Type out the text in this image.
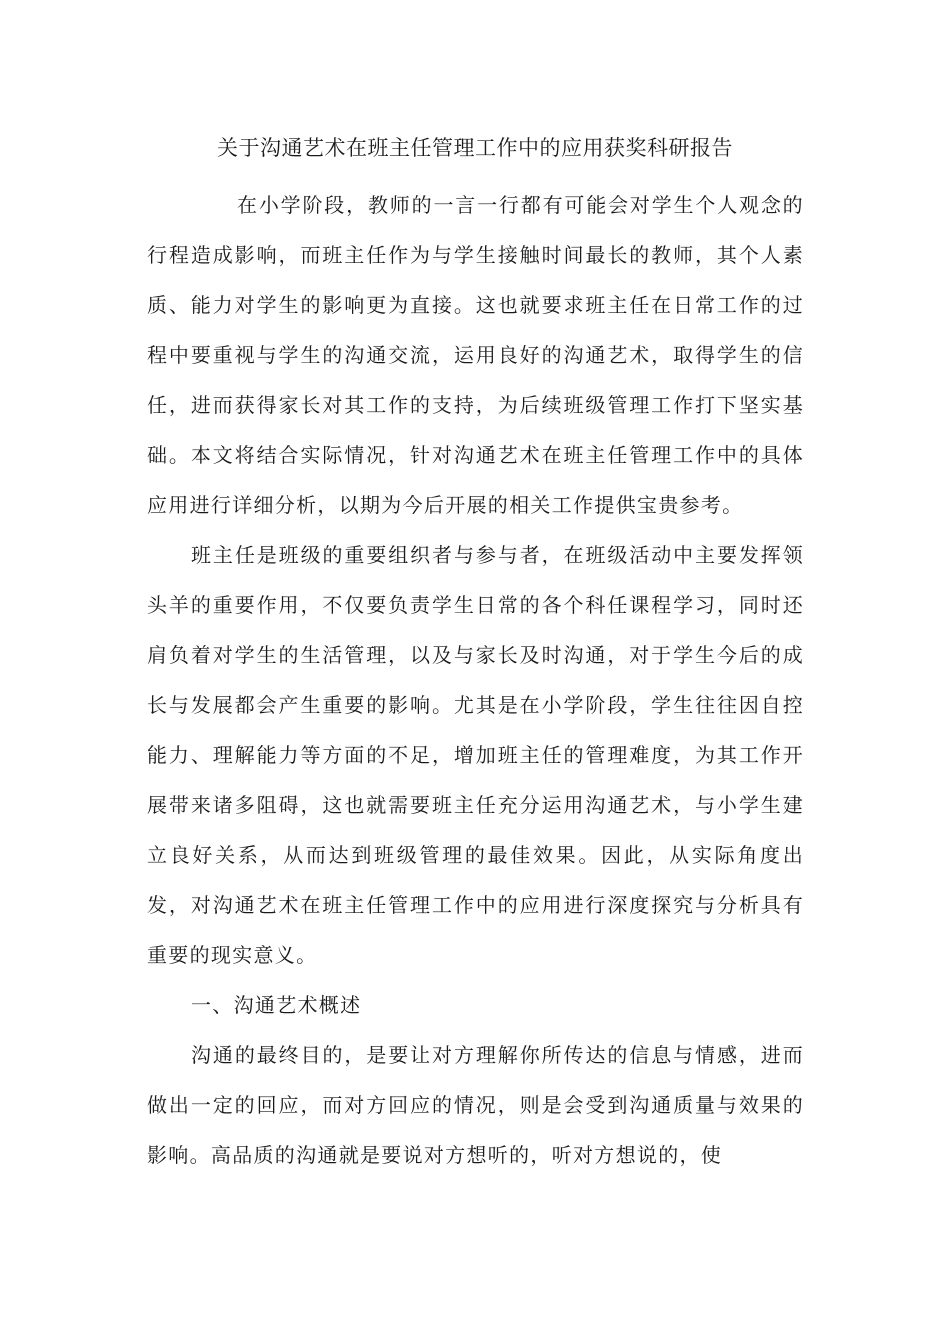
关于沟通艺术在班主任管理工作中的应用获奖科研报告

在小学阶段，教师的一言一行都有可能会对学生个人观念的行程造成影响，而班主任作为与学生接触时间最长的教师，其个人素质、能力对学生的影响更为直接。这也就要求班主任在日常工作的过程中要重视与学生的沟通交流，运用良好的沟通艺术，取得学生的信任，进而获得家长对其工作的支持，为后续班级管理工作打下坚实基础。本文将结合实际情况，针对沟通艺术在班主任管理工作中的具体应用进行详细分析，以期为今后开展的相关工作提供宝贵参考。

班主任是班级的重要组织者与参与者，在班级活动中主要发挥领头羊的重要作用，不仅要负责学生日常的各个科任课程学习，同时还肩负着对学生的生活管理，以及与家长及时沟通，对于学生今后的成长与发展都会产生重要的影响。尤其是在小学阶段，学生往往因自控能力、理解能力等方面的不足，增加班主任的管理难度，为其工作开展带来诸多阻碍，这也就需要班主任充分运用沟通艺术，与小学生建立良好关系，从而达到班级管理的最佳效果。因此，从实际角度出发，对沟通艺术在班主任管理工作中的应用进行深度探究与分析具有重要的现实意义。

一、沟通艺术概述

沟通的最终目的，是要让对方理解你所传达的信息与情感，进而做出一定的回应，而对方回应的情况，则是会受到沟通质量与效果的影响。高品质的沟通就是要说对方想听的，听对方想说的，使
